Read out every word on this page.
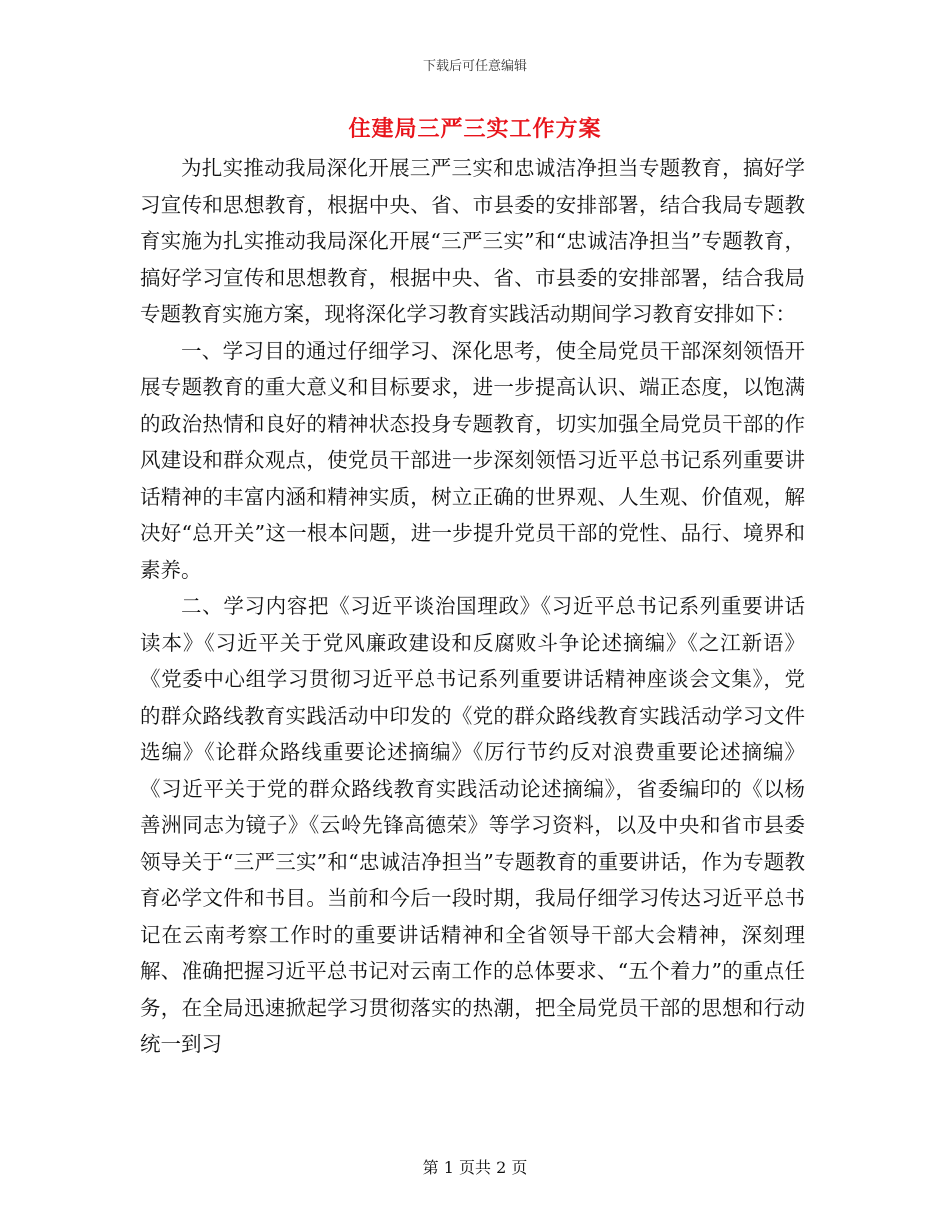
下载后可任意编辑
住建局三严三实工作方案

为扎实推动我局深化开展三严三实和忠诚洁净担当专题教育，搞好学习宣传和思想教育，根据中央、省、市县委的安排部署，结合我局专题教育实施为扎实推动我局深化开展“三严三实”和“忠诚洁净担当”专题教育，搞好学习宣传和思想教育，根据中央、省、市县委的安排部署，结合我局专题教育实施方案，现将深化学习教育实践活动期间学习教育安排如下：

一、学习目的通过仔细学习、深化思考，使全局党员干部深刻领悟开展专题教育的重大意义和目标要求，进一步提高认识、端正态度，以饱满的政治热情和良好的精神状态投身专题教育，切实加强全局党员干部的作风建设和群众观点，使党员干部进一步深刻领悟习近平总书记系列重要讲话精神的丰富内涵和精神实质，树立正确的世界观、人生观、价值观，解决好“总开关”这一根本问题，进一步提升党员干部的党性、品行、境界和素养。

二、学习内容把《习近平谈治国理政》《习近平总书记系列重要讲话读本》《习近平关于党风廉政建设和反腐败斗争论述摘编》《之江新语》《党委中心组学习贯彻习近平总书记系列重要讲话精神座谈会文集》，党的群众路线教育实践活动中印发的《党的群众路线教育实践活动学习文件选编》《论群众路线重要论述摘编》《厉行节约反对浪费重要论述摘编》《习近平关于党的群众路线教育实践活动论述摘编》，省委编印的《以杨善洲同志为镜子》《云岭先锋高德荣》等学习资料，以及中央和省市县委领导关于“三严三实”和“忠诚洁净担当”专题教育的重要讲话，作为专题教育必学文件和书目。当前和今后一段时期，我局仔细学习传达习近平总书记在云南考察工作时的重要讲话精神和全省领导干部大会精神，深刻理解、准确把握习近平总书记对云南工作的总体要求、“五个着力”的重点任务，在全局迅速掀起学习贯彻落实的热潮，把全局党员干部的思想和行动统一到习

第 1 页共 2 页
